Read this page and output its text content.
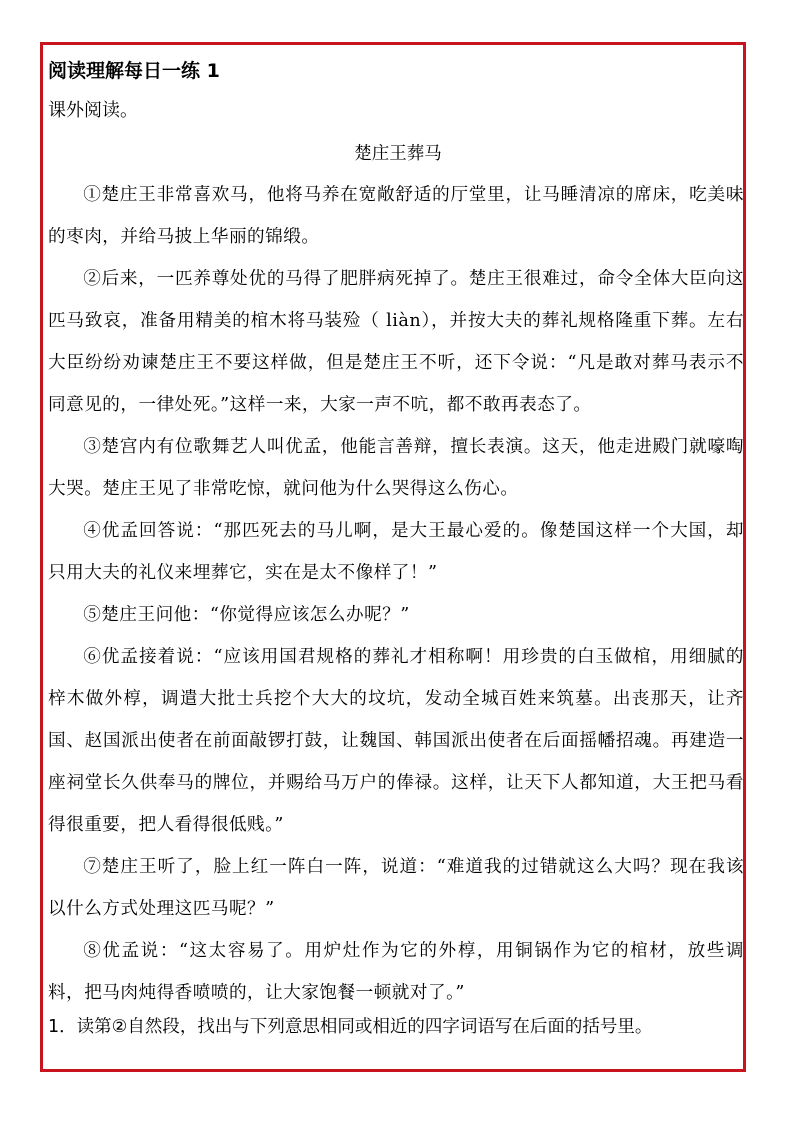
阅读理解每日一练 1
课外阅读。
楚庄王葬马

①楚庄王非常喜欢马，他将马养在宽敞舒适的厅堂里，让马睡清凉的席床，吃美味的枣肉，并给马披上华丽的锦缎。

②后来，一匹养尊处优的马得了肥胖病死掉了。楚庄王很难过，命令全体大臣向这匹马致哀，准备用精美的棺木将马装殓（ liàn），并按大夫的葬礼规格隆重下葬。左右大臣纷纷劝谏楚庄王不要这样做，但是楚庄王不听，还下令说：“凡是敢对葬马表示不同意见的，一律处死。”这样一来，大家一声不吭，都不敢再表态了。

③楚宫内有位歌舞艺人叫优孟，他能言善辩，擅长表演。这天，他走进殿门就嚎啕大哭。楚庄王见了非常吃惊，就问他为什么哭得这么伤心。

④优孟回答说：“那匹死去的马儿啊，是大王最心爱的。像楚国这样一个大国，却只用大夫的礼仪来埋葬它，实在是太不像样了！”

⑤楚庄王问他：“你觉得应该怎么办呢？”

⑥优孟接着说：“应该用国君规格的葬礼才相称啊！用珍贵的白玉做棺，用细腻的梓木做外椁，调遣大批士兵挖个大大的坟坑，发动全城百姓来筑墓。出丧那天，让齐国、赵国派出使者在前面敲锣打鼓，让魏国、韩国派出使者在后面摇幡招魂。再建造一座祠堂长久供奉马的牌位，并赐给马万户的俸禄。这样，让天下人都知道，大王把马看得很重要，把人看得很低贱。”

⑦楚庄王听了，脸上红一阵白一阵，说道：“难道我的过错就这么大吗？现在我该以什么方式处理这匹马呢？”

⑧优孟说：“这太容易了。用炉灶作为它的外椁，用铜锅作为它的棺材，放些调料，把马肉炖得香喷喷的，让大家饱餐一顿就对了。”

1．读第②自然段，找出与下列意思相同或相近的四字词语写在后面的括号里。
